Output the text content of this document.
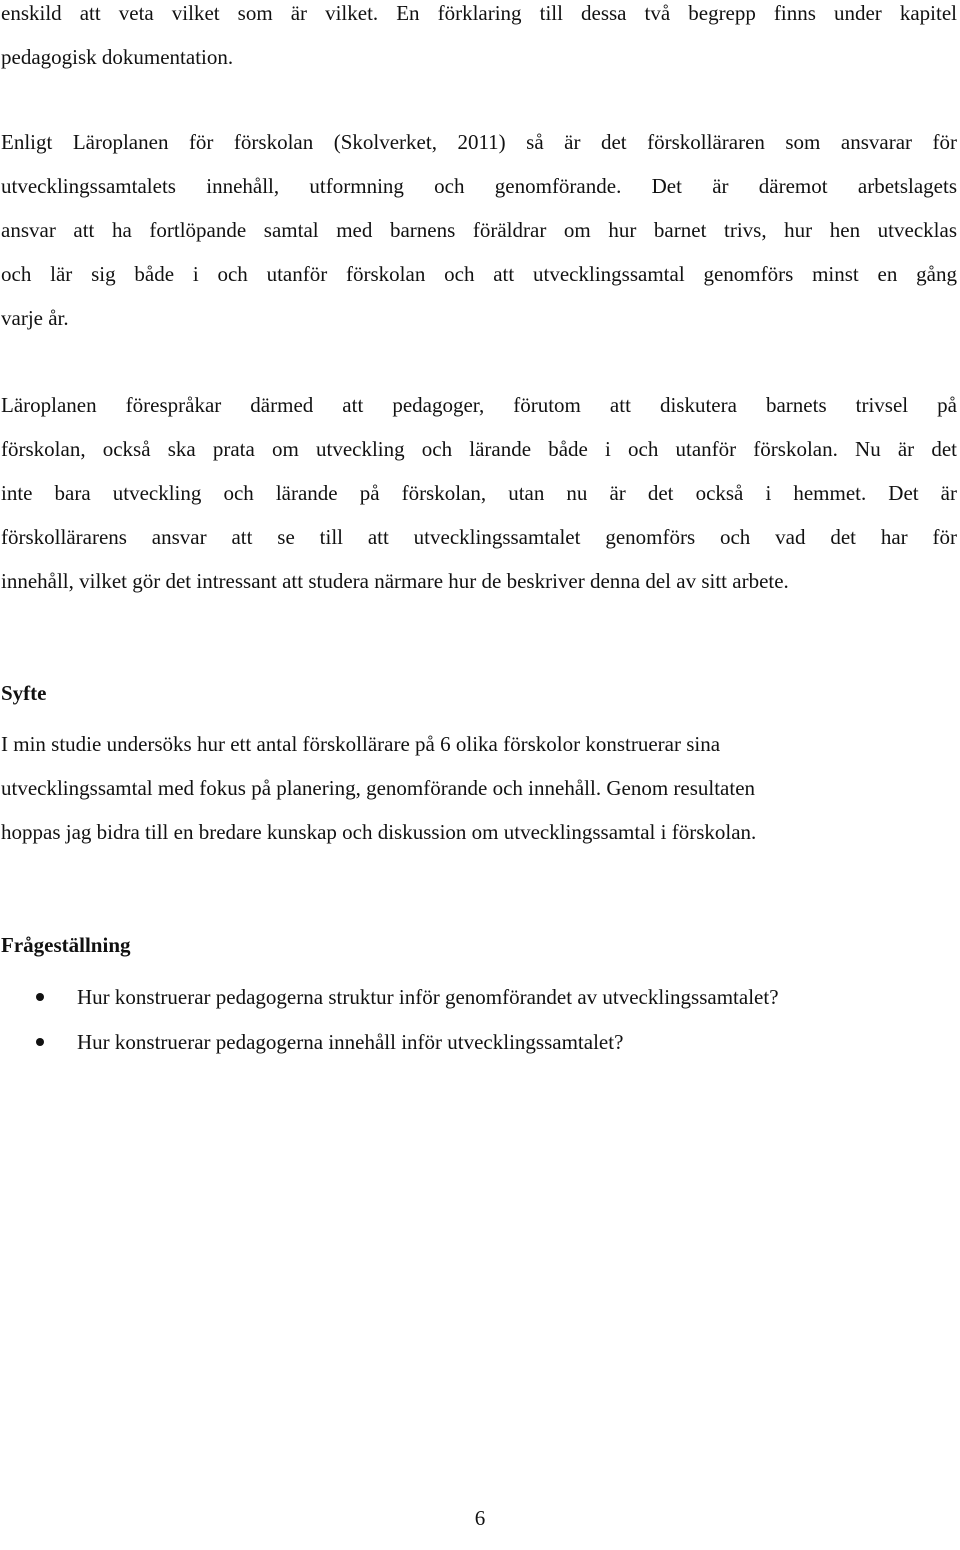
enskild att veta vilket som är vilket. En förklaring till dessa två begrepp finns under kapitel
pedagogisk dokumentation.
Enligt Läroplanen för förskolan (Skolverket, 2011) så är det förskolläraren som ansvarar för
utvecklingssamtalets innehåll, utformning och genomförande. Det är däremot arbetslagets
ansvar att ha fortlöpande samtal med barnens föräldrar om hur barnet trivs, hur hen utvecklas
och lär sig både i och utanför förskolan och att utvecklingssamtal genomförs minst en gång
varje år.
Läroplanen förespråkar därmed att pedagoger, förutom att diskutera barnets trivsel på
förskolan, också ska prata om utveckling och lärande både i och utanför förskolan. Nu är det
inte bara utveckling och lärande på förskolan, utan nu är det också i hemmet. Det är
förskollärarens ansvar att se till att utvecklingssamtalet genomförs och vad det har för
innehåll, vilket gör det intressant att studera närmare hur de beskriver denna del av sitt arbete.
Syfte
I min studie undersöks hur ett antal förskollärare på 6 olika förskolor konstruerar sina
utvecklingssamtal med fokus på planering, genomförande och innehåll. Genom resultaten
hoppas jag bidra till en bredare kunskap och diskussion om utvecklingssamtal i förskolan.
Frågeställning
Hur konstruerar pedagogerna struktur inför genomförandet av utvecklingssamtalet?
Hur konstruerar pedagogerna innehåll inför utvecklingssamtalet?
6
